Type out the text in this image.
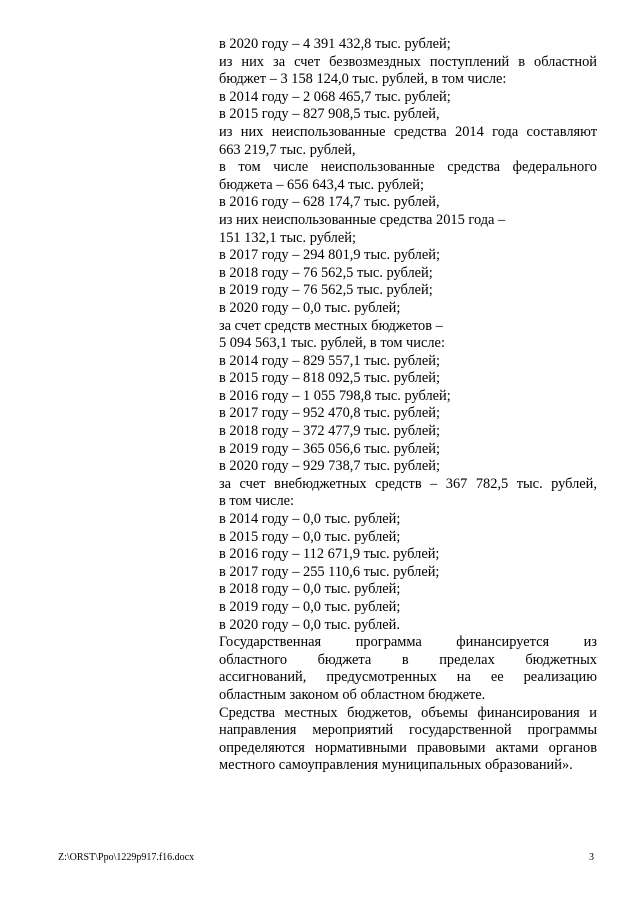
в 2020 году – 4 391 432,8 тыс. рублей;
из них за счет безвозмездных поступлений в областной
бюджет – 3 158 124,0 тыс. рублей, в том числе:
в 2014 году – 2 068 465,7 тыс. рублей;
в 2015 году – 827 908,5 тыс. рублей,
из них неиспользованные средства 2014 года составляют
663 219,7 тыс. рублей,
в том числе неиспользованные средства федерального
бюджета – 656 643,4 тыс. рублей;
в 2016 году – 628 174,7 тыс. рублей,
из них неиспользованные средства 2015 года –
151 132,1 тыс. рублей;
в 2017 году – 294 801,9 тыс. рублей;
в 2018 году – 76 562,5 тыс. рублей;
в 2019 году – 76 562,5 тыс. рублей;
в 2020 году – 0,0 тыс. рублей;
за счет средств местных бюджетов –
5 094 563,1 тыс. рублей, в том числе:
в 2014 году – 829 557,1 тыс. рублей;
в 2015 году – 818 092,5 тыс. рублей;
в 2016 году – 1 055 798,8 тыс. рублей;
в 2017 году – 952 470,8 тыс. рублей;
в 2018 году – 372 477,9 тыс. рублей;
в 2019 году – 365 056,6 тыс. рублей;
в 2020 году – 929 738,7 тыс. рублей;
за счет внебюджетных средств – 367 782,5 тыс. рублей,
в том числе:
в 2014 году – 0,0 тыс. рублей;
в 2015 году – 0,0 тыс. рублей;
в 2016 году – 112 671,9 тыс. рублей;
в 2017 году – 255 110,6 тыс. рублей;
в 2018 году – 0,0 тыс. рублей;
в 2019 году – 0,0 тыс. рублей;
в 2020 году – 0,0 тыс. рублей.
Государственная программа финансируется из
областного бюджета в пределах бюджетных
ассигнований, предусмотренных на ее реализацию
областным законом об областном бюджете.
Средства местных бюджетов, объемы финансирования и
направления мероприятий государственной программы
определяются нормативными правовыми актами органов
местного самоуправления муниципальных образований».
Z:\ORST\Ppo\1229p917.f16.docx	3
